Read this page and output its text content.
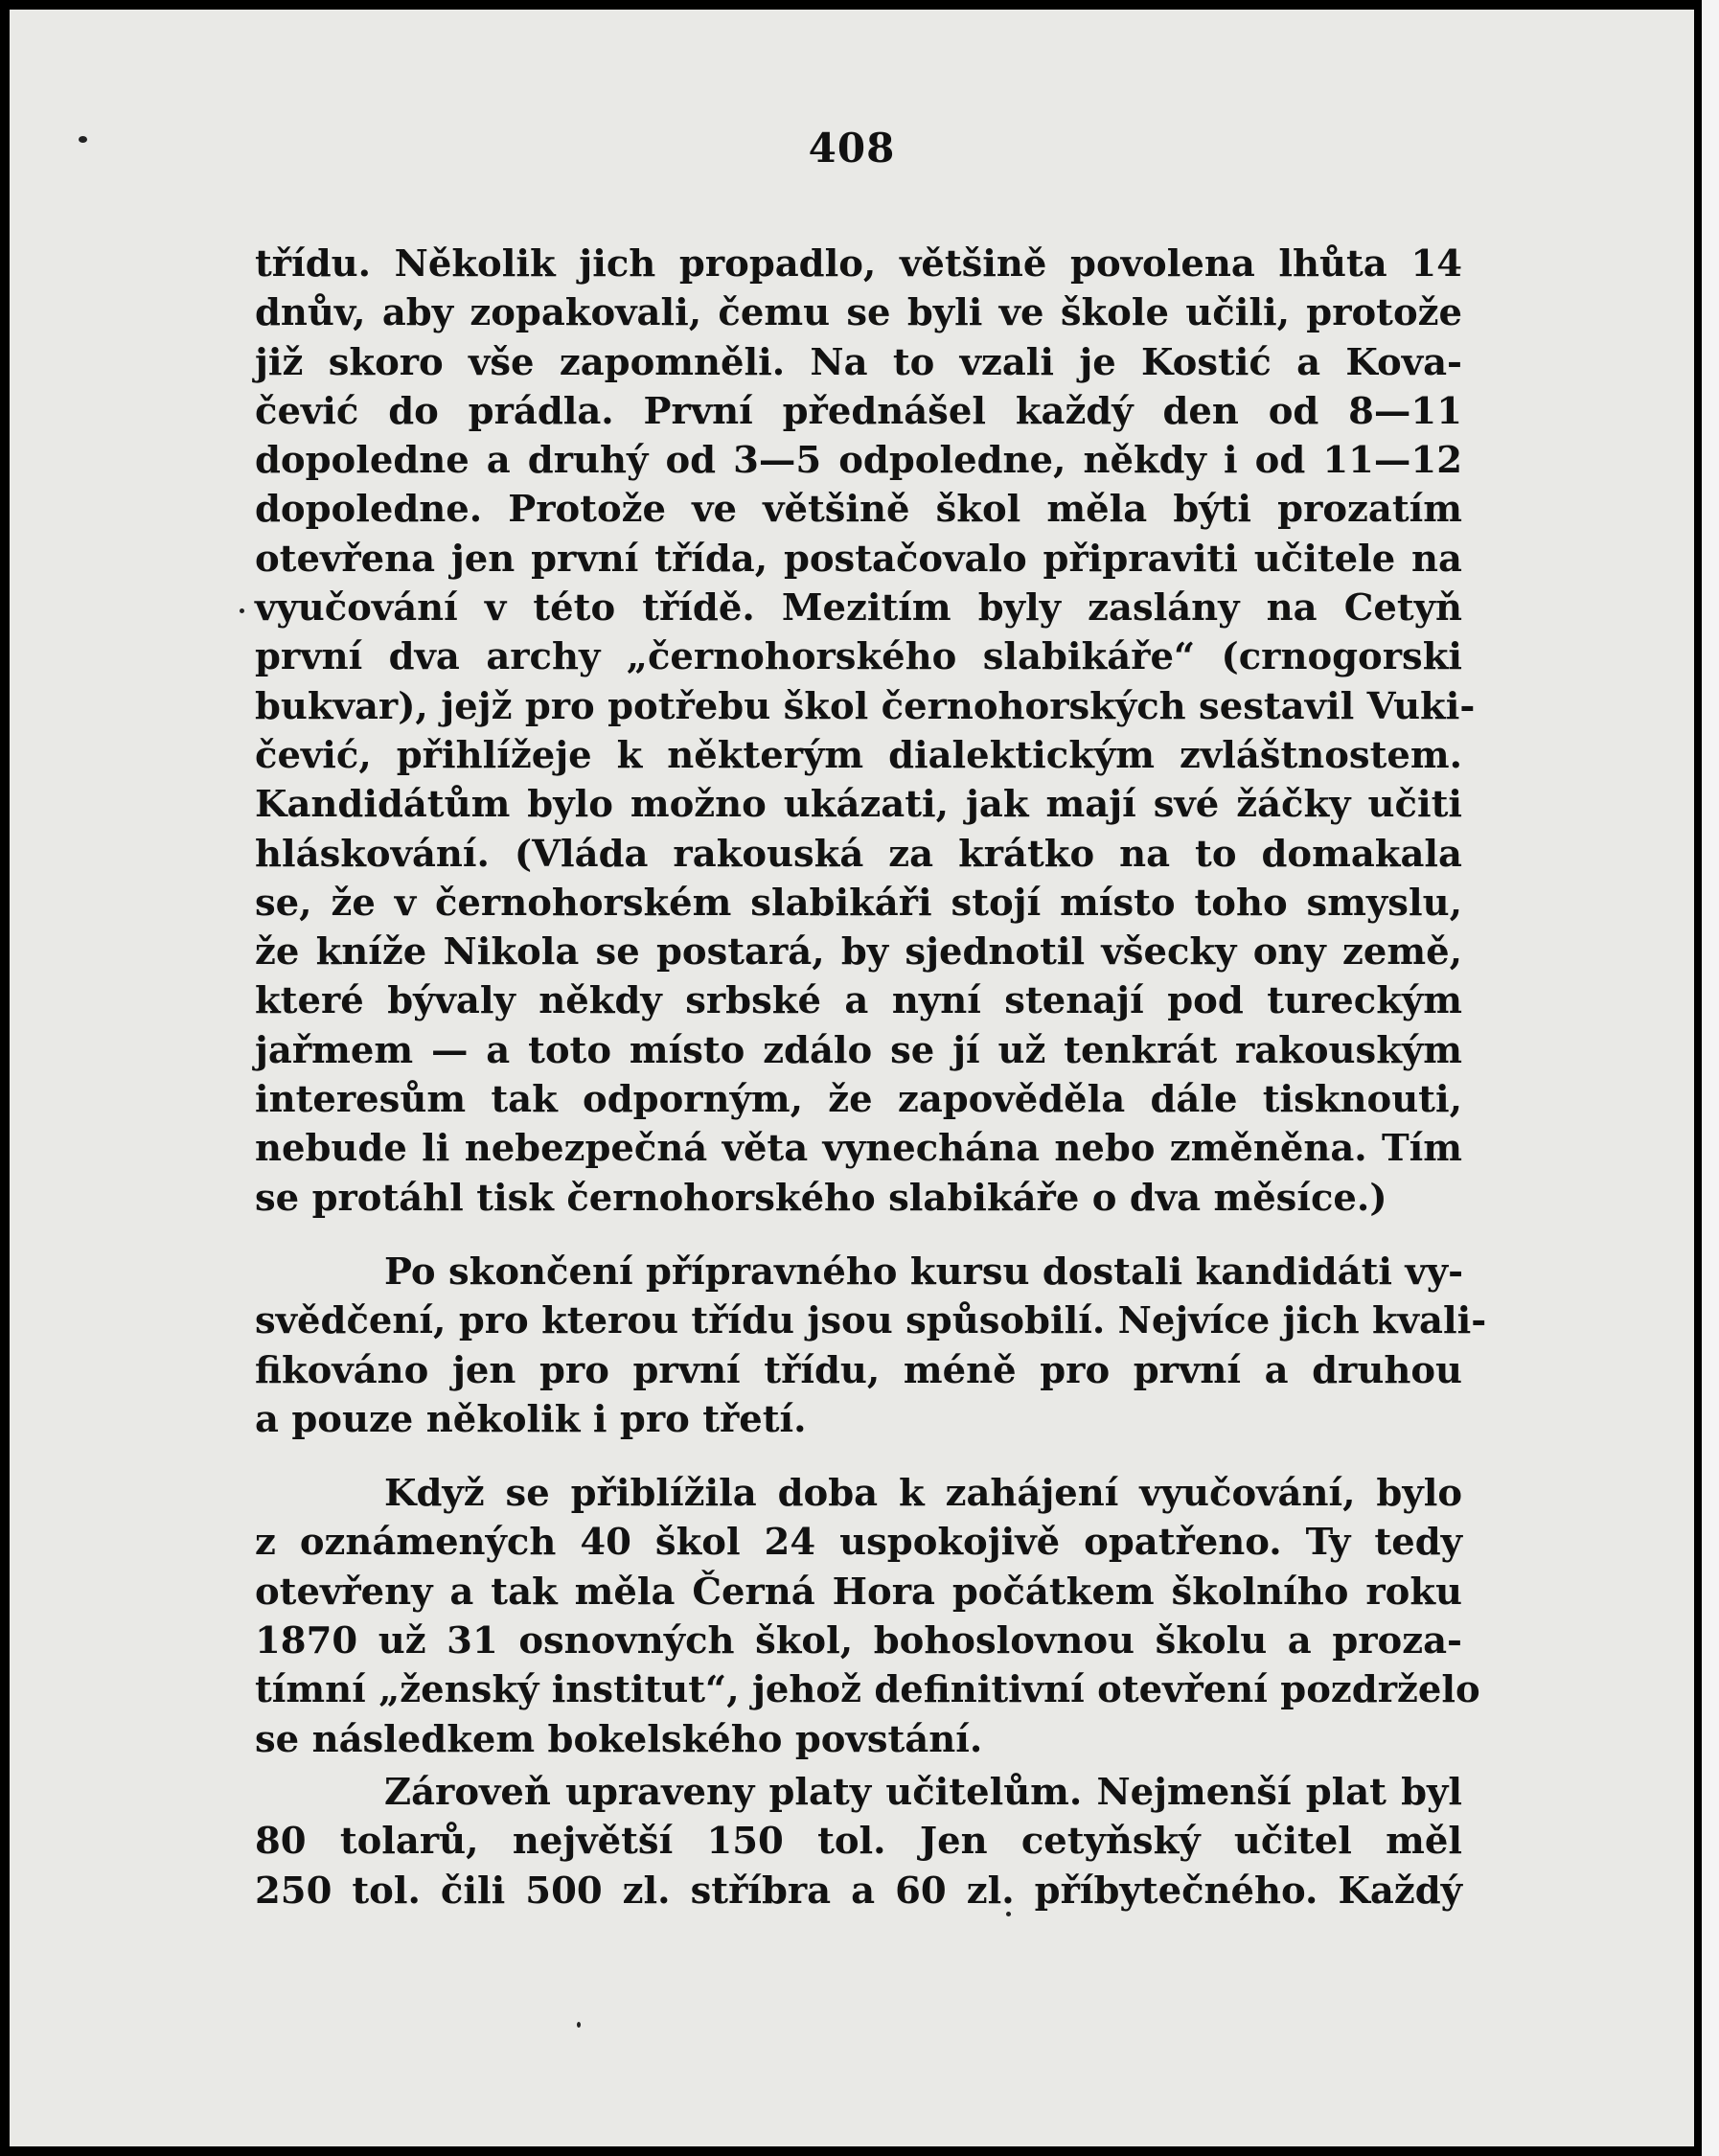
408
třídu. Několik jich propadlo, většině povolena lhůta 14
dnův, aby zopakovali, čemu se byli ve škole učili, protože
již skoro vše zapomněli. Na to vzali je Kostić a Kova-
čević do prádla. První přednášel každý den od 8—11
dopoledne a druhý od 3—5 odpoledne, někdy i od 11—12
dopoledne. Protože ve většině škol měla býti prozatím
otevřena jen první třída, postačovalo připraviti učitele na
vyučování v této třídě. Mezitím byly zaslány na Cetyň
první dva archy „černohorského slabikáře“ (crnogorski
bukvar), jejž pro potřebu škol černohorských sestavil Vuki-
čević, přihlížeje k některým dialektickým zvláštnostem.
Kandidátům bylo možno ukázati, jak mají své žáčky učiti
hláskování. (Vláda rakouská za krátko na to domakala
se, že v černohorském slabikáři stojí místo toho smyslu,
že kníže Nikola se postará, by sjednotil všecky ony země,
které bývaly někdy srbské a nyní stenají pod tureckým
jařmem — a toto místo zdálo se jí už tenkrát rakouským
interesům tak odporným, že zapověděla dále tisknouti,
nebude li nebezpečná věta vynechána nebo změněna. Tím
se protáhl tisk černohorského slabikáře o dva měsíce.)
Po skončení přípravného kursu dostali kandidáti vy-
svědčení, pro kterou třídu jsou spůsobilí. Nejvíce jich kvali-
fikováno jen pro první třídu, méně pro první a druhou
a pouze několik i pro třetí.
Když se přiblížila doba k zahájení vyučování, bylo
z oznámených 40 škol 24 uspokojivě opatřeno. Ty tedy
otevřeny a tak měla Černá Hora počátkem školního roku
1870 už 31 osnovných škol, bohoslovnou školu a proza-
tímní „ženský institut“, jehož definitivní otevření pozdrželo
se následkem bokelského povstání.
Zároveň upraveny platy učitelům. Nejmenší plat byl
80 tolarů, největší 150 tol. Jen cetyňský učitel měl
250 tol. čili 500 zl. stříbra a 60 zl. příbytečného. Každý
